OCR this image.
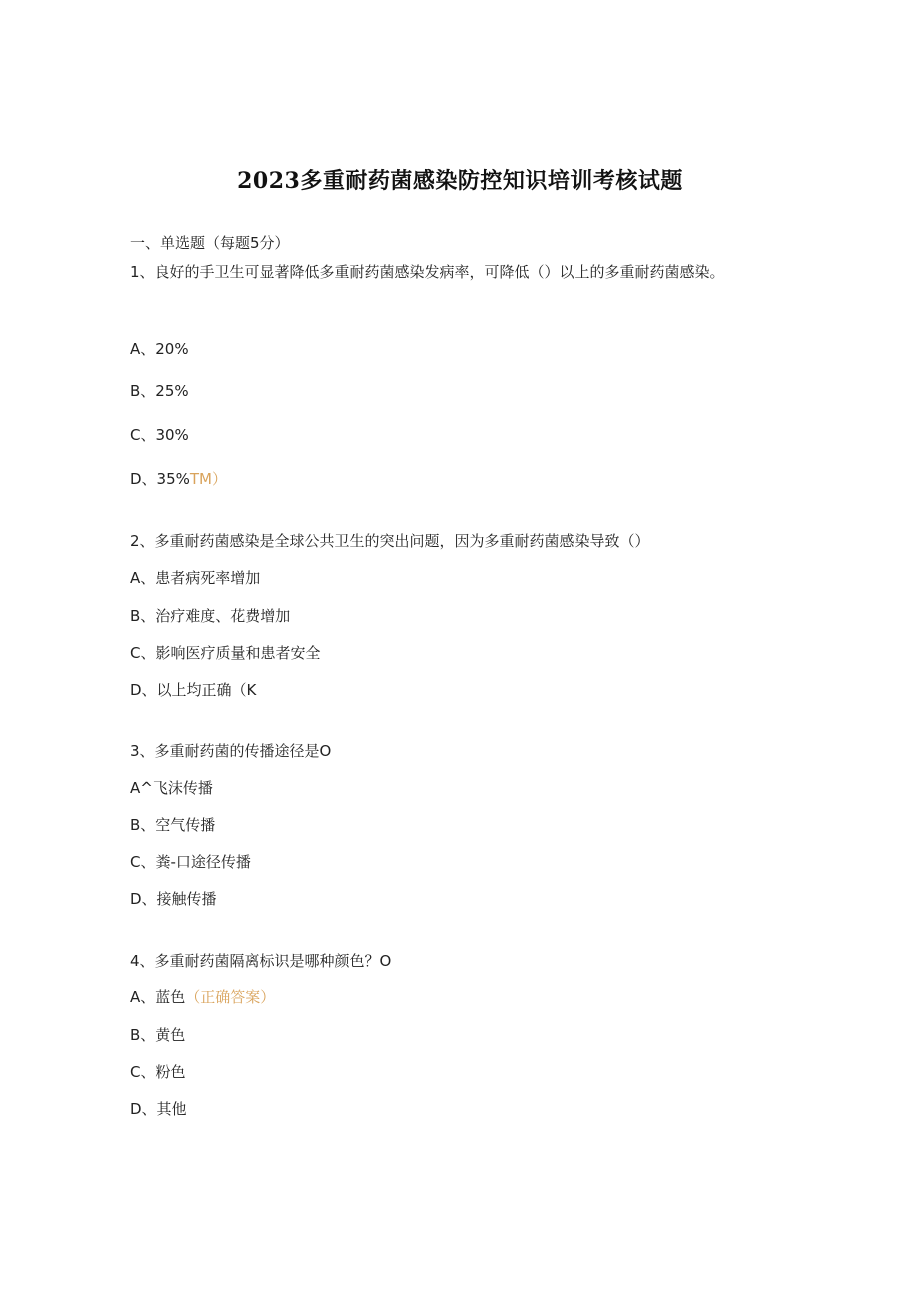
2023多重耐药菌感染防控知识培训考核试题
一、单选题（每题5分）
1、良好的手卫生可显著降低多重耐药菌感染发病率，可降低（）以上的多重耐药菌感染。
A、20%
B、25%
C、30%
D、35%TM）
2、多重耐药菌感染是全球公共卫生的突出问题，因为多重耐药菌感染导致（）
A、患者病死率增加
B、治疗难度、花费增加
C、影响医疗质量和患者安全
D、以上均正确（K
3、多重耐药菌的传播途径是O
A^飞沫传播
B、空气传播
C、粪-口途径传播
D、接触传播
4、多重耐药菌隔离标识是哪种颜色？O
A、蓝色（正确答案）
B、黄色
C、粉色
D、其他
